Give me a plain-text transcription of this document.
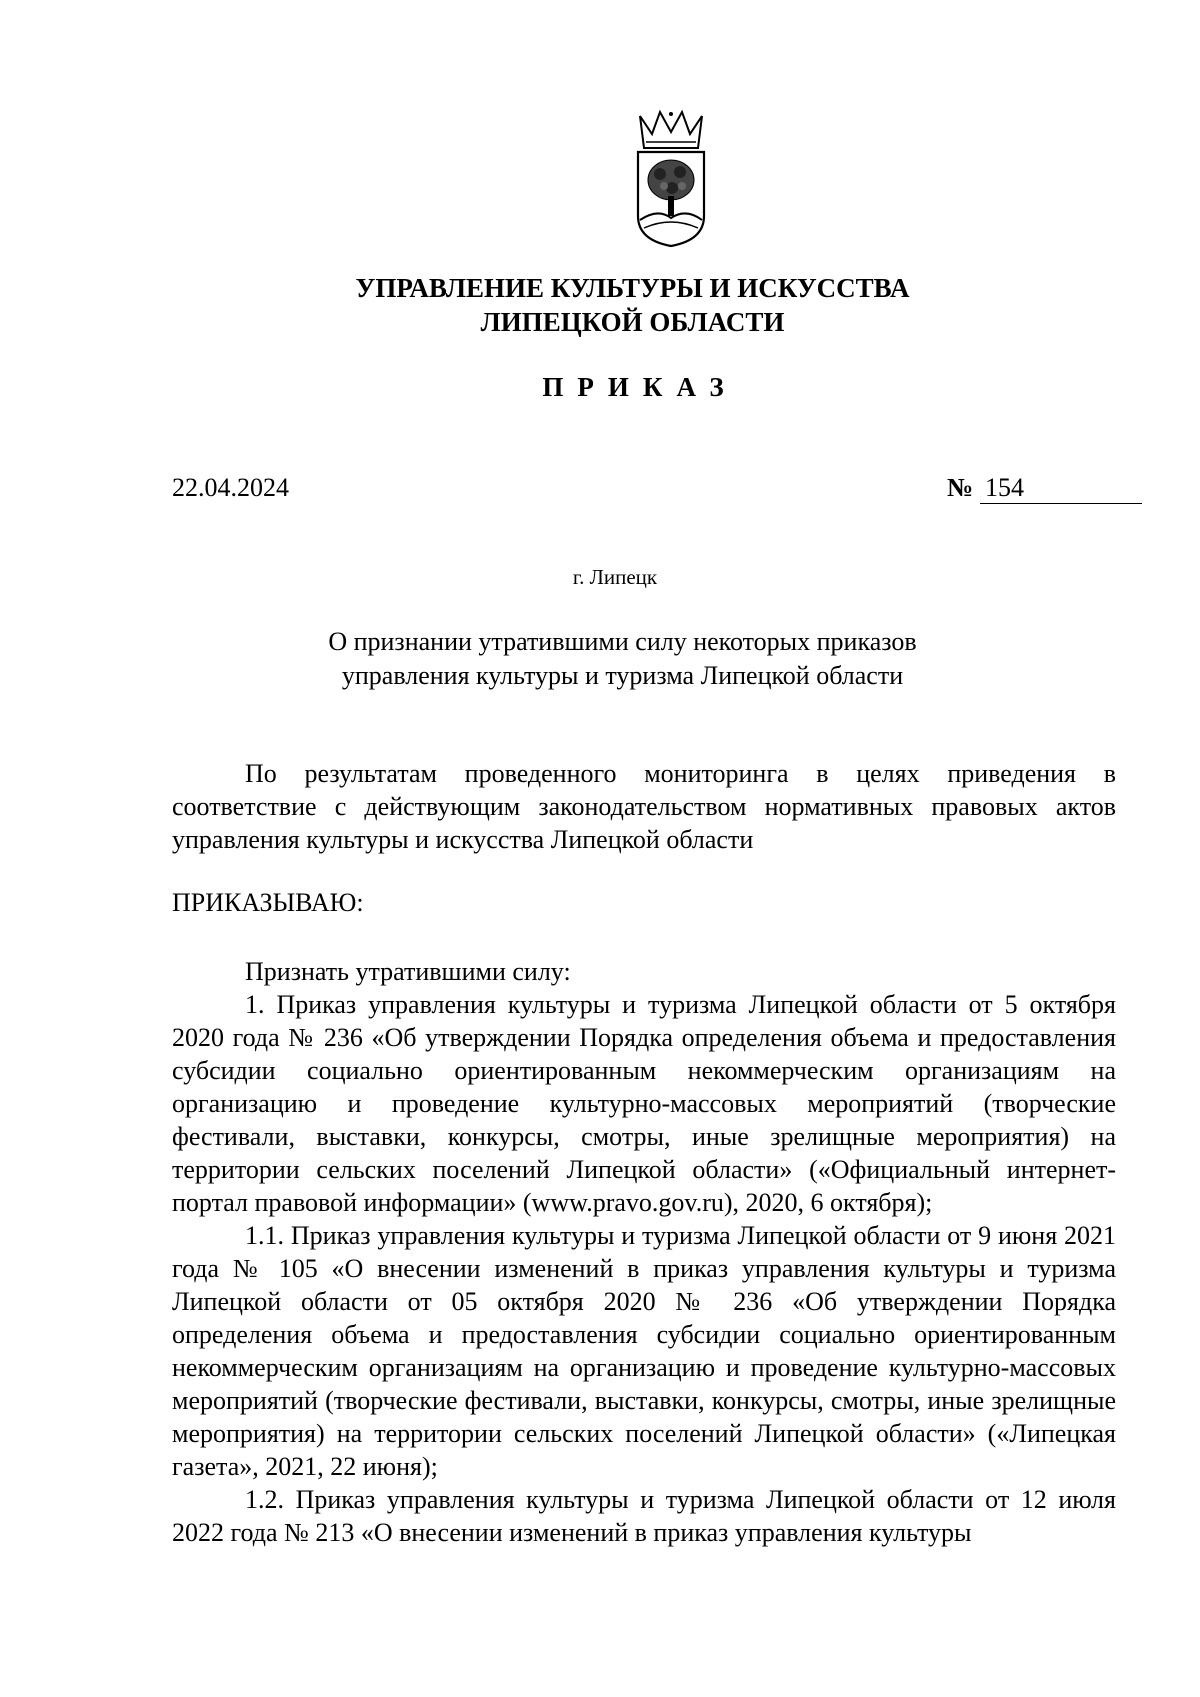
УПРАВЛЕНИЕ КУЛЬТУРЫ И ИСКУССТВА
ЛИПЕЦКОЙ ОБЛАСТИ
ПРИКАЗ
22.04.2024	№ 154
г. Липецк
О признании утратившими силу некоторых приказов
управления культуры и туризма Липецкой области
По результатам проведенного мониторинга в целях приведения в соответствие с действующим законодательством нормативных правовых актов управления культуры и искусства Липецкой области
ПРИКАЗЫВАЮ:

Признать утратившими силу:

1. Приказ управления культуры и туризма Липецкой области от 5 октября 2020 года № 236 «Об утверждении Порядка определения объема и предоставления субсидии социально ориентированным некоммерческим организациям на организацию и проведение культурно-массовых мероприятий (творческие фестивали, выставки, конкурсы, смотры, иные зрелищные мероприятия) на территории сельских поселений Липецкой области» («Официальный интернет-портал правовой информации» (www.pravo.gov.ru), 2020, 6 октября);

1.1. Приказ управления культуры и туризма Липецкой области от 9 июня 2021 года № 105 «О внесении изменений в приказ управления культуры и туризма Липецкой области от 05 октября 2020 № 236 «Об утверждении Порядка определения объема и предоставления субсидии социально ориентированным некоммерческим организациям на организацию и проведение культурно-массовых мероприятий (творческие фестивали, выставки, конкурсы, смотры, иные зрелищные мероприятия) на территории сельских поселений Липецкой области» («Липецкая газета», 2021, 22 июня);

1.2. Приказ управления культуры и туризма Липецкой области от 12 июля 2022 года № 213 «О внесении изменений в приказ управления культуры
